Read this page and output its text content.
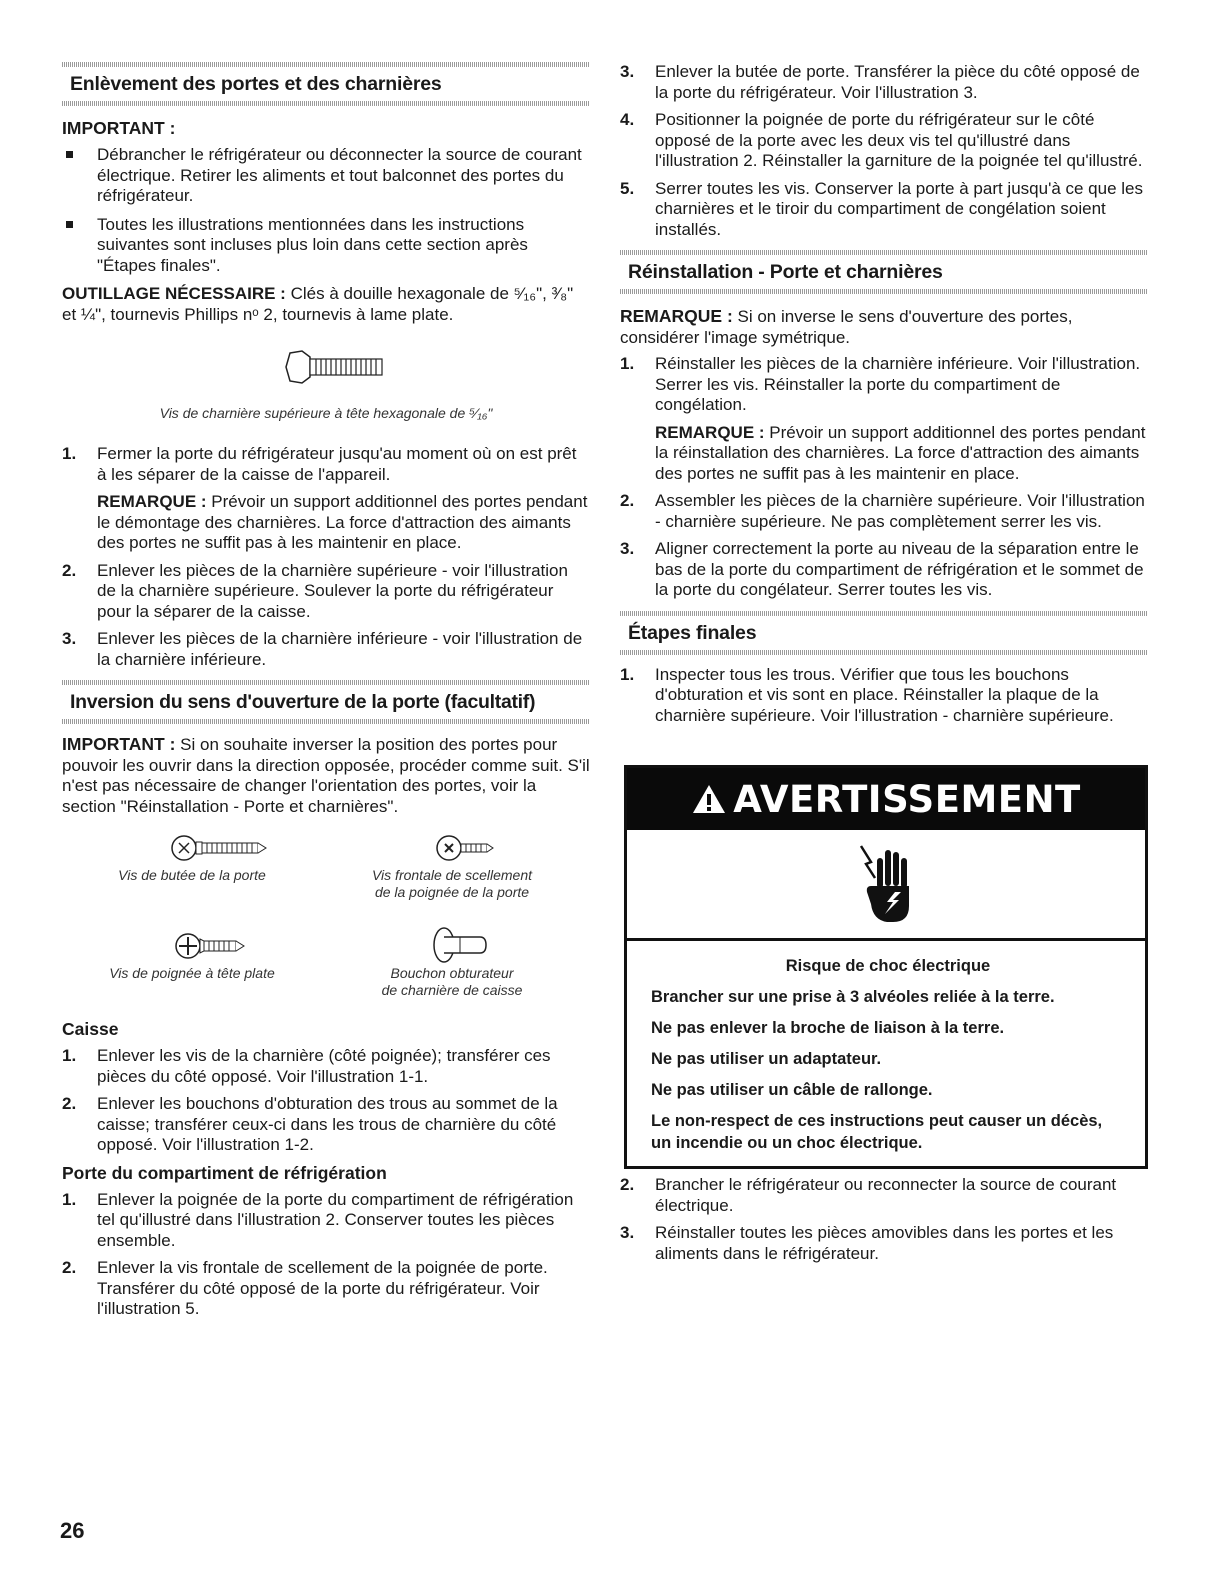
Enlèvement des portes et des charnières
IMPORTANT :
Débrancher le réfrigérateur ou déconnecter la source de courant électrique. Retirer les aliments et tout balconnet des portes du réfrigérateur.
Toutes les illustrations mentionnées dans les instructions suivantes sont incluses plus loin dans cette section après "Étapes finales".

OUTILLAGE NÉCESSAIRE : Clés à douille hexagonale de ⁵⁄₁₆", ³⁄₈" et ¼", tournevis Phillips nᵒ 2, tournevis à lame plate.

Vis de charnière supérieure à tête hexagonale de ⁵⁄₁₆"
1. Fermer la porte du réfrigérateur jusqu'au moment où on est prêt à les séparer de la caisse de l'appareil.

REMARQUE : Prévoir un support additionnel des portes pendant le démontage des charnières. La force d'attraction des aimants des portes ne suffit pas à les maintenir en place.

2. Enlever les pièces de la charnière supérieure - voir l'illustration de la charnière supérieure. Soulever la porte du réfrigérateur pour la séparer de la caisse.
3. Enlever les pièces de la charnière inférieure - voir l'illustration de la charnière inférieure.
Inversion du sens d'ouverture de la porte (facultatif)

IMPORTANT : Si on souhaite inverser la position des portes pour pouvoir les ouvrir dans la direction opposée, procéder comme suit. S'il n'est pas nécessaire de changer l'orientation des portes, voir la section "Réinstallation - Porte et charnières".

Vis de butée de la porte	Vis frontale de scellement
de la poignée de la porte
Vis de poignée à tête plate	Bouchon obturateur
de charnière de caisse
Caisse
1. Enlever les vis de la charnière (côté poignée); transférer ces pièces du côté opposé. Voir l'illustration 1-1.
2. Enlever les bouchons d'obturation des trous au sommet de la caisse; transférer ceux-ci dans les trous de charnière du côté opposé. Voir l'illustration 1-2.
Porte du compartiment de réfrigération
1. Enlever la poignée de la porte du compartiment de réfrigération tel qu'illustré dans l'illustration 2. Conserver toutes les pièces ensemble.
2. Enlever la vis frontale de scellement de la poignée de porte. Transférer du côté opposé de la porte du réfrigérateur. Voir l'illustration 5.
3. Enlever la butée de porte. Transférer la pièce du côté opposé de la porte du réfrigérateur. Voir l'illustration 3.
4. Positionner la poignée de porte du réfrigérateur sur le côté opposé de la porte avec les deux vis tel qu'illustré dans l'illustration 2. Réinstaller la garniture de la poignée tel qu'illustré.
5. Serrer toutes les vis. Conserver la porte à part jusqu'à ce que les charnières et le tiroir du compartiment de congélation soient installés.
Réinstallation - Porte et charnières

REMARQUE : Si on inverse le sens d'ouverture des portes, considérer l'image symétrique.

1. Réinstaller les pièces de la charnière inférieure. Voir l'illustration. Serrer les vis. Réinstaller la porte du compartiment de congélation.

REMARQUE : Prévoir un support additionnel des portes pendant la réinstallation des charnières. La force d'attraction des aimants des portes ne suffit pas à les maintenir en place.

2. Assembler les pièces de la charnière supérieure. Voir l'illustration - charnière supérieure. Ne pas complètement serrer les vis.
3. Aligner correctement la porte au niveau de la séparation entre le bas de la porte du compartiment de réfrigération et le sommet de la porte du congélateur. Serrer toutes les vis.
Étapes finales
1. Inspecter tous les trous. Vérifier que tous les bouchons d'obturation et vis sont en place. Réinstaller la plaque de la charnière supérieure. Voir l'illustration - charnière supérieure.
AVERTISSEMENT

Risque de choc électrique

Brancher sur une prise à 3 alvéoles reliée à la terre.

Ne pas enlever la broche de liaison à la terre.

Ne pas utiliser un adaptateur.

Ne pas utiliser un câble de rallonge.

Le non-respect de ces instructions peut causer un décès, un incendie ou un choc électrique.

2. Brancher le réfrigérateur ou reconnecter la source de courant électrique.
3. Réinstaller toutes les pièces amovibles dans les portes et les aliments dans le réfrigérateur.
26
